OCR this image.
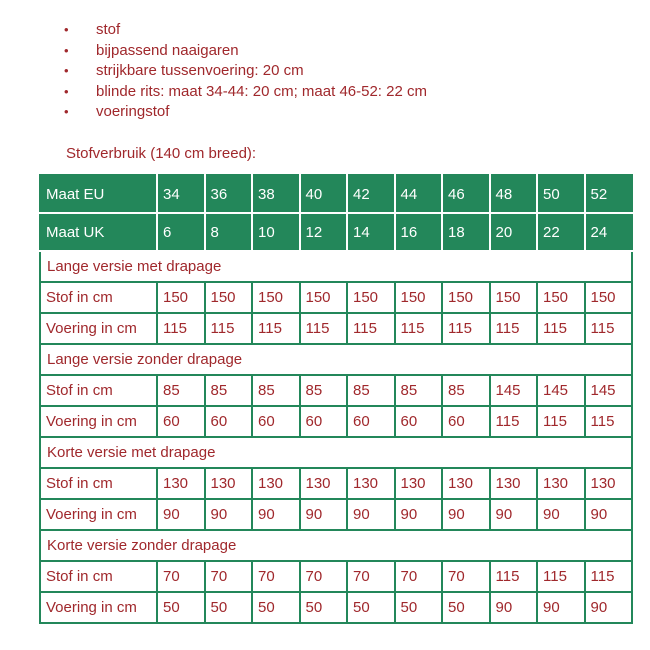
• stof
• bijpassend naaigaren
• strijkbare tussenvoering: 20 cm
• blinde rits: maat 34-44: 20 cm; maat 46-52: 22 cm
• voeringstof
Stofverbruik (140 cm breed):
Maat EU	34	36	38	40	42	44	46	48	50	52
Maat UK	6	8	10	12	14	16	18	20	22	24
Lange versie met drapage										
Stof in cm	150	150	150	150	150	150	150	150	150	150
Voering in cm	115	115	115	115	115	115	115	115	115	115
Lange versie zonder drapage										
Stof in cm	85	85	85	85	85	85	85	145	145	145
Voering in cm	60	60	60	60	60	60	60	115	115	115
Korte versie met drapage										
Stof in cm	130	130	130	130	130	130	130	130	130	130
Voering in cm	90	90	90	90	90	90	90	90	90	90
Korte versie zonder drapage										
Stof in cm	70	70	70	70	70	70	70	115	115	115
Voering in cm	50	50	50	50	50	50	50	90	90	90
